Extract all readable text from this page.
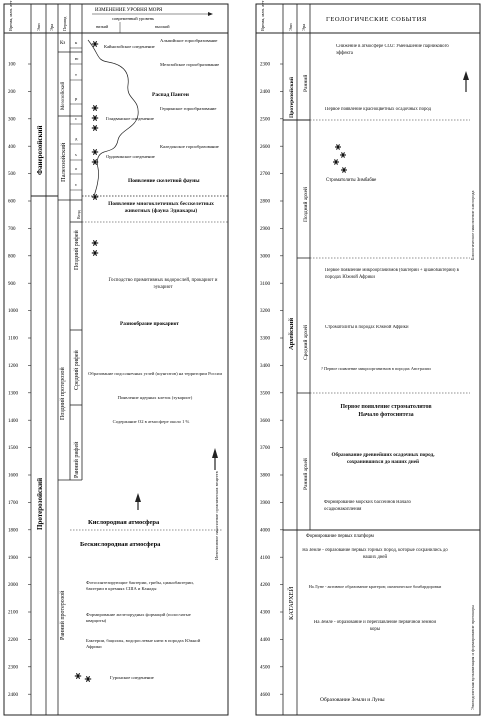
Время, млн. лет	Эон Эра Период
ИЗМЕНЕНИЕ УРОВНЯ МОРЯ
современный уровень
низкий	высокий
100
200
300
400
500
600
700
800
900
1000
1100
1200
1300
1400
1500
1600
1700
1800
1900
2000
2100
2200
2300
2400
Фанерозойский
Протерозойский
Кз
Мезозойский
Палеозойский
Поздний протерозой
Поздний рифей
Средний рифей
Ранний рифей
Ранний протерозой
Венд
к
ю
т
р
с
д
s
о
є
Альпийское горообразование
Кайнозойское оледенение
Мезозойское горообразование
Распад Пангеи
Герцинское горообразование
Гондванское оледенение
Каледонское горообразование
Ордовикское оледенение
Появление скелетной фауны
Появление многоклеточных бесскелетных животных (фауна Эдиакары)
Господство примитивных водорослей, прокариот и эукариот
Разнообразие прокариот
Образование подсолнечных углей (шунгитов) на территории России
Появление ядерных клеток (эукариот)
Содержание О2 в атмосфере около 1 %
Кислородная атмосфера
Бескислородная атмосфера
Фотосинтезирующие бактерии, грибы, цианобактерии, бактерии в кремнях США и Канады
Формирование железорудных формаций (полосчатые кварциты)
Бактерии, бациллы, водорослевые нити в породах Южной Африки
Гуронское оледенение
Интенсивное накопление органических веществ
Время, млн. лет	Эон Эра
ГЕОЛОГИЧЕСКИЕ СОБЫТИЯ
2300
2400
2500
2600
2700
2800
2900
3000
3100
3200
3300
3400
3500
3600
3700
3800
3900
4000
4100
4200
4300
4400
4500
4600
Протерозойский
Архейский
КАТАРХЕЙ
Ранний
Поздний архей
Средний архей
Ранний архей
Снижение в атмосфере CO2: Уменьшение парникового эффекта
Первое появление красноцветных осадочных пород
Строматолиты Зимбабве
Первое появление микроорганизмов (бактерии + цианобактерии) в породах Южной Африки
Строматолиты в породах Южной Африки
? Первое появление микроорганизмов в породах Австралии
Первое появление строматолитов Начало фотосинтеза
Образование древнейших осадочных пород, сохранившихся до наших дней
Формирование морских бассейнов Начало осадконакопления
Формирование первых платформ
На Земле - образование первых горных пород, которые сохранились до наших дней
На Луне - активное образование кратеров; океаническое бомбардировки
На Земле - образование и переплавление первичной земной коры
Образование Земли и Луны
Биологическое накопление кислорода
Эпизодическая вулканизация и формирование протокоры
